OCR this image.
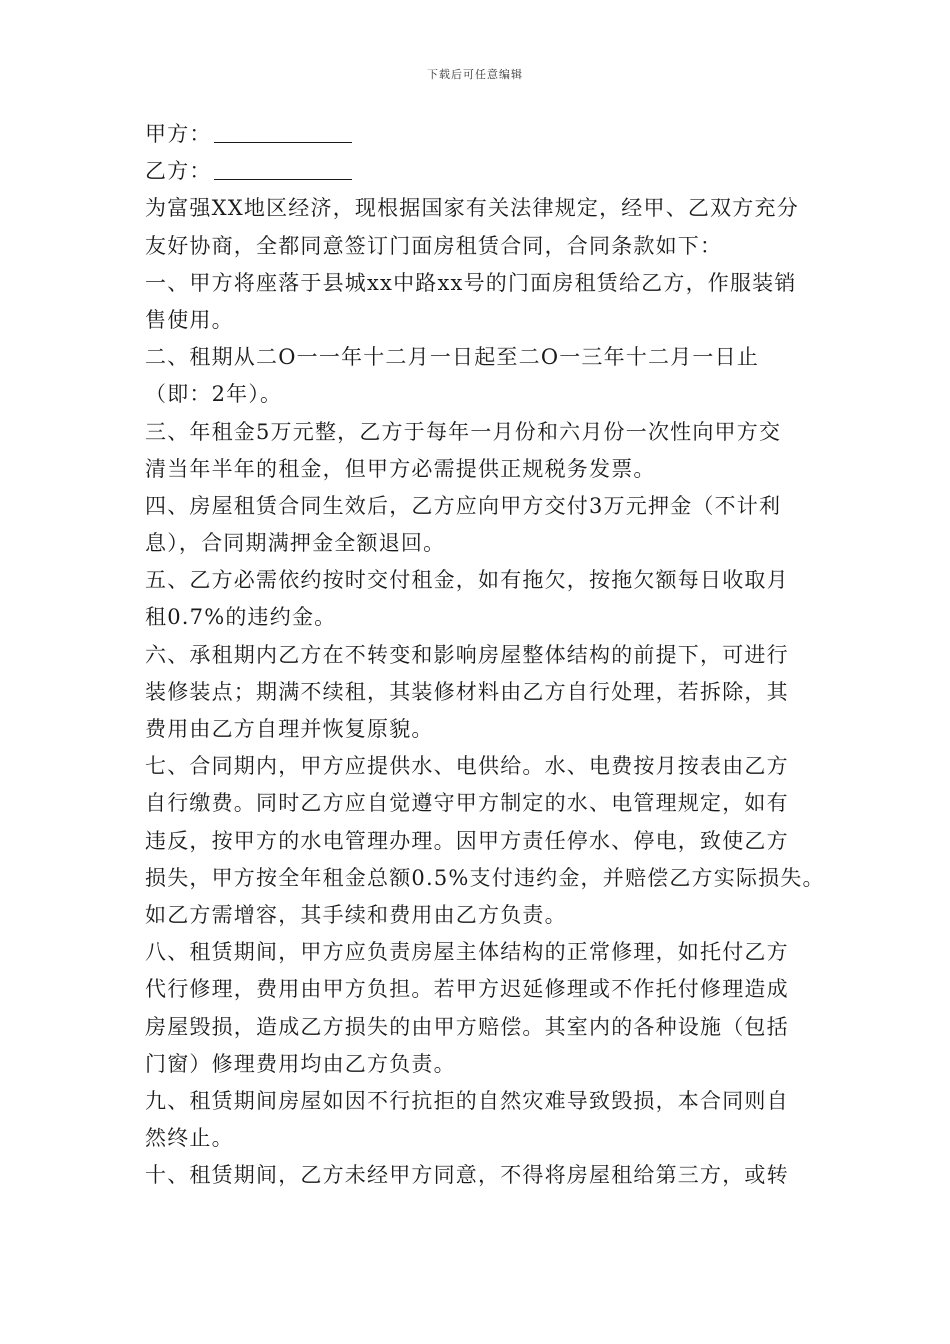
下载后可任意编辑
甲方：
乙方：
为富强XX地区经济，现根据国家有关法律规定，经甲、乙双方充分
友好协商，全都同意签订门面房租赁合同，合同条款如下：
一、甲方将座落于县城xx中路xx号的门面房租赁给乙方，作服装销
售使用。
二、租期从二O一一年十二月一日起至二O一三年十二月一日止
（即：2年）。
三、年租金5万元整，乙方于每年一月份和六月份一次性向甲方交
清当年半年的租金，但甲方必需提供正规税务发票。
四、房屋租赁合同生效后，乙方应向甲方交付3万元押金（不计利
息），合同期满押金全额退回。
五、乙方必需依约按时交付租金，如有拖欠，按拖欠额每日收取月
租0.7%的违约金。
六、承租期内乙方在不转变和影响房屋整体结构的前提下，可进行
装修装点；期满不续租，其装修材料由乙方自行处理，若拆除，其
费用由乙方自理并恢复原貌。
七、合同期内，甲方应提供水、电供给。水、电费按月按表由乙方
自行缴费。同时乙方应自觉遵守甲方制定的水、电管理规定，如有
违反，按甲方的水电管理办理。因甲方责任停水、停电，致使乙方
损失，甲方按全年租金总额0.5%支付违约金，并赔偿乙方实际损失。
如乙方需增容，其手续和费用由乙方负责。
八、租赁期间，甲方应负责房屋主体结构的正常修理，如托付乙方
代行修理，费用由甲方负担。若甲方迟延修理或不作托付修理造成
房屋毁损，造成乙方损失的由甲方赔偿。其室内的各种设施（包括
门窗）修理费用均由乙方负责。
九、租赁期间房屋如因不行抗拒的自然灾难导致毁损，本合同则自
然终止。
十、租赁期间，乙方未经甲方同意，不得将房屋租给第三方，或转
